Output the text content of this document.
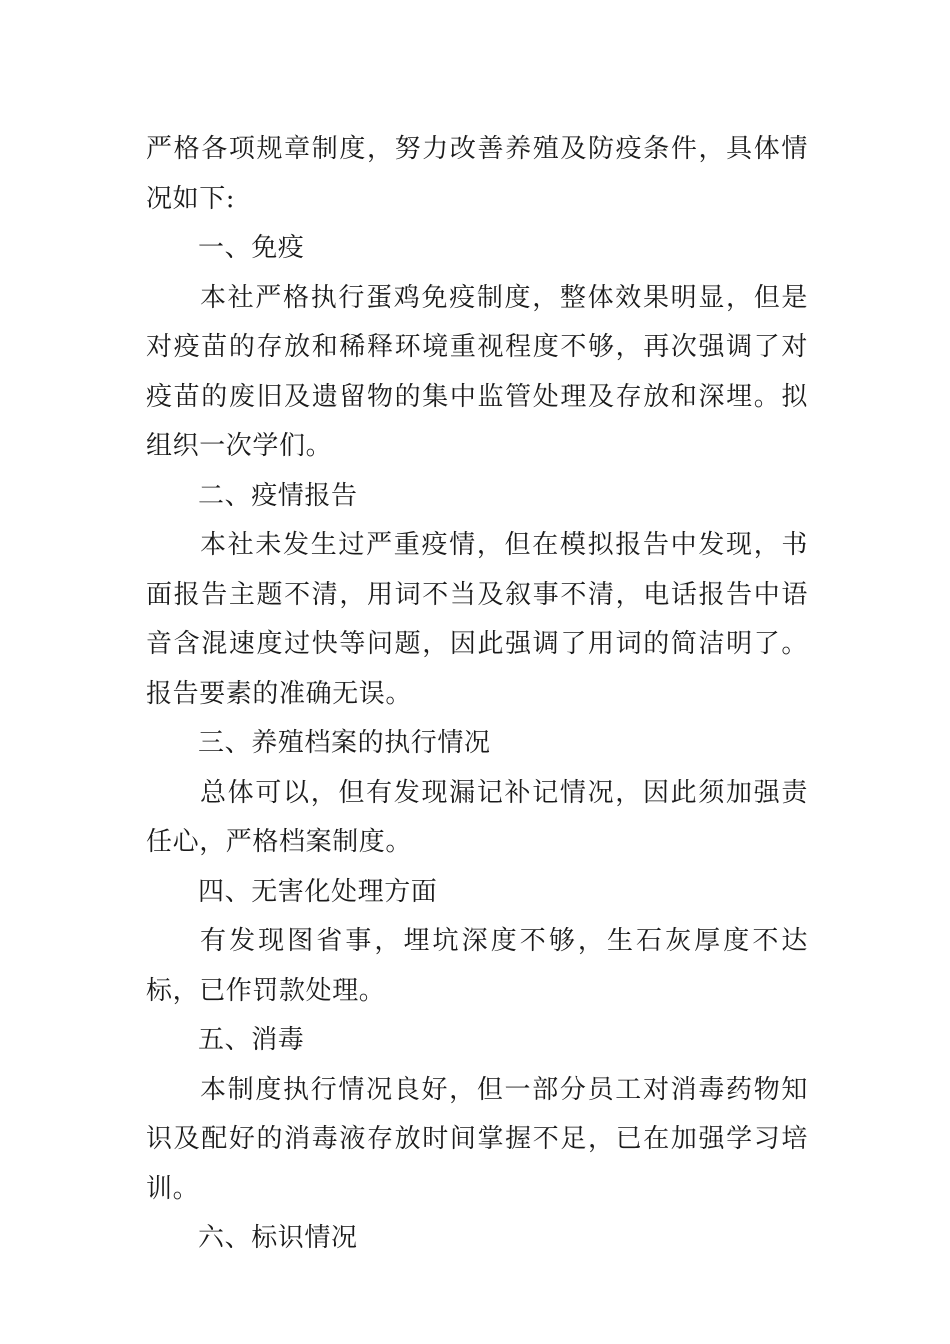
严格各项规章制度，努力改善养殖及防疫条件，具体情况如下:

一、免疫

本社严格执行蛋鸡免疫制度，整体效果明显，但是对疫苗的存放和稀释环境重视程度不够，再次强调了对疫苗的废旧及遗留物的集中监管处理及存放和深埋。拟组织一次学们。

二、疫情报告

本社未发生过严重疫情，但在模拟报告中发现，书面报告主题不清，用词不当及叙事不清，电话报告中语音含混速度过快等问题，因此强调了用词的简洁明了。报告要素的准确无误。

三、养殖档案的执行情况

总体可以，但有发现漏记补记情况，因此须加强责任心，严格档案制度。

四、无害化处理方面

有发现图省事，埋坑深度不够，生石灰厚度不达标，已作罚款处理。

五、消毒

本制度执行情况良好，但一部分员工对消毒药物知识及配好的消毒液存放时间掌握不足，已在加强学习培训。

六、标识情况
